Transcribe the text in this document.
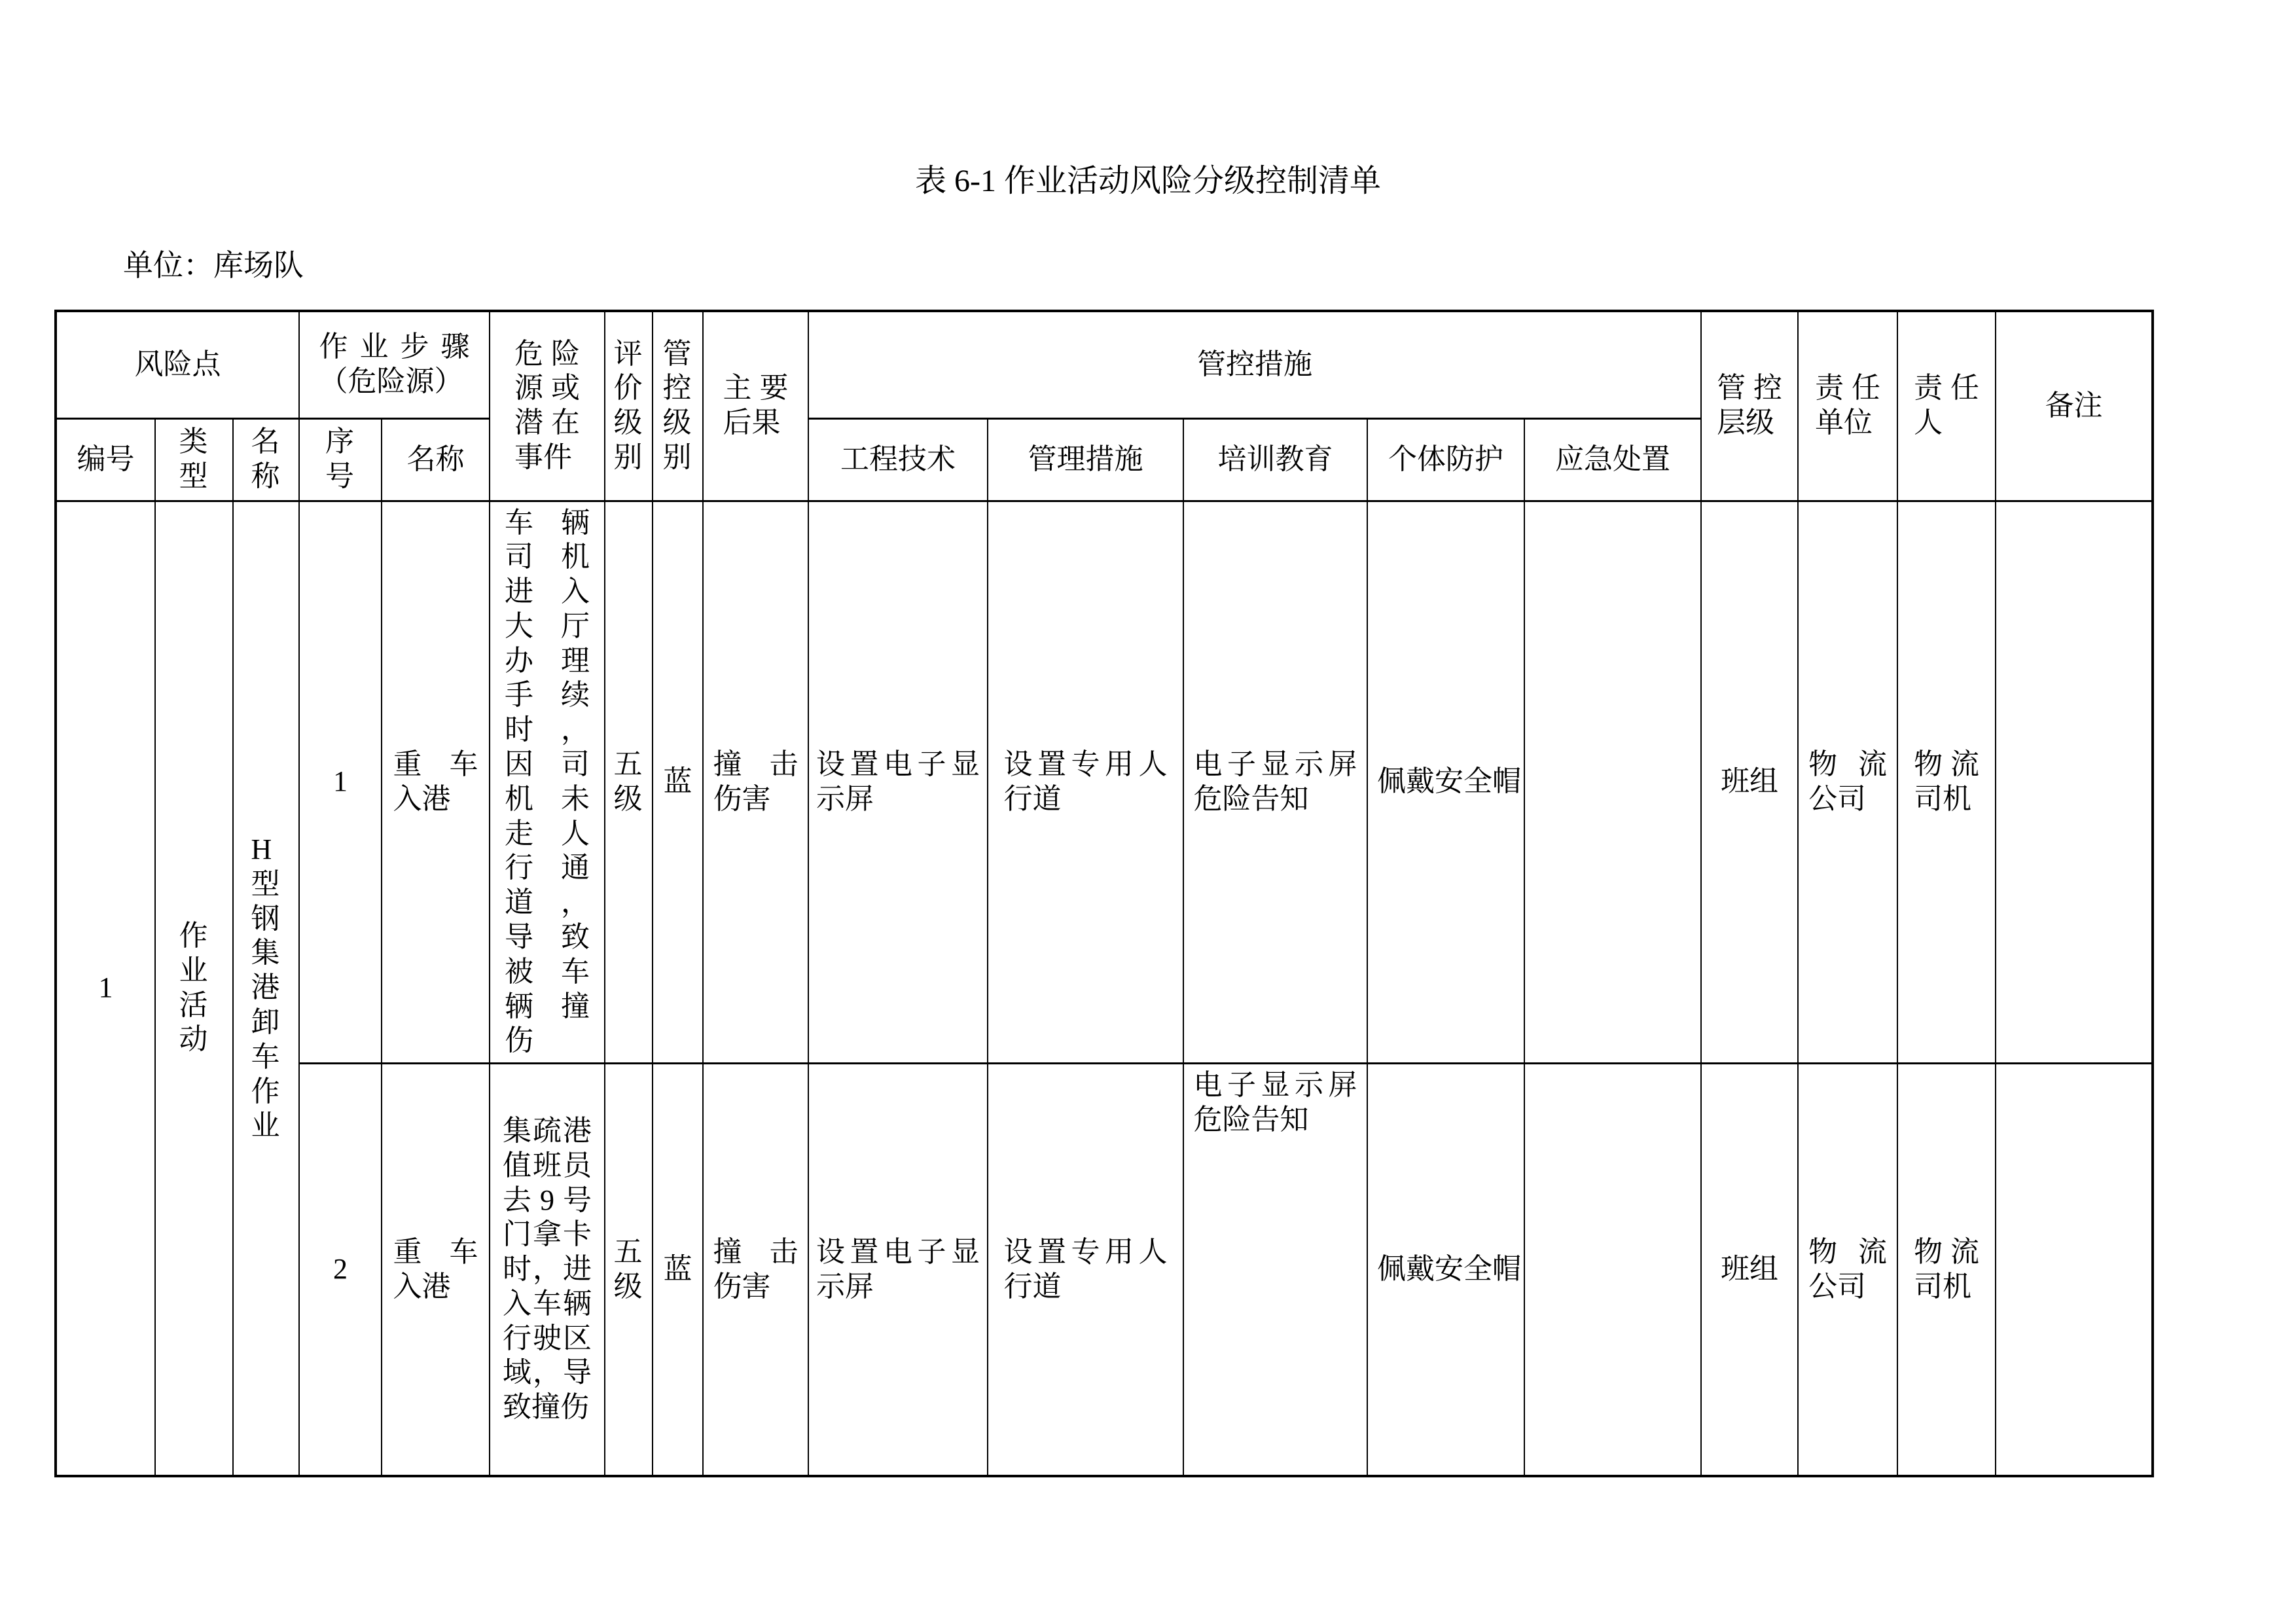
表 6-1 作业活动风险分级控制清单
单位：库场队
风险点			作业步骤（危险源）		危险源或潜在事件	评价级别	管控级别	主要后果	管控措施					管控层级	责任单位	责任人	备注
编号	类型	名称	序号	名称					工程技术	管理措施	培训教育	个体防护	应急处置				
1	作业活动	H型钢集港卸车作业	1	重车入港	车辆司机进入大厅办理手续时，因司机未走人行通道，导致被车辆撞伤	五级	蓝	撞击伤害	设置电子显示屏	设置专用人行道	电子显示屏危险告知	佩戴安全帽		班组	物流公司	物流司机	

			2	重车入港	集疏港值班员去9号门拿卡时，进入车辆行驶区域，导致撞伤	五级	蓝	撞击伤害	设置电子显示屏	设置专用人行道	电子显示屏危险告知	佩戴安全帽		班组	物流公司	物流司机	
